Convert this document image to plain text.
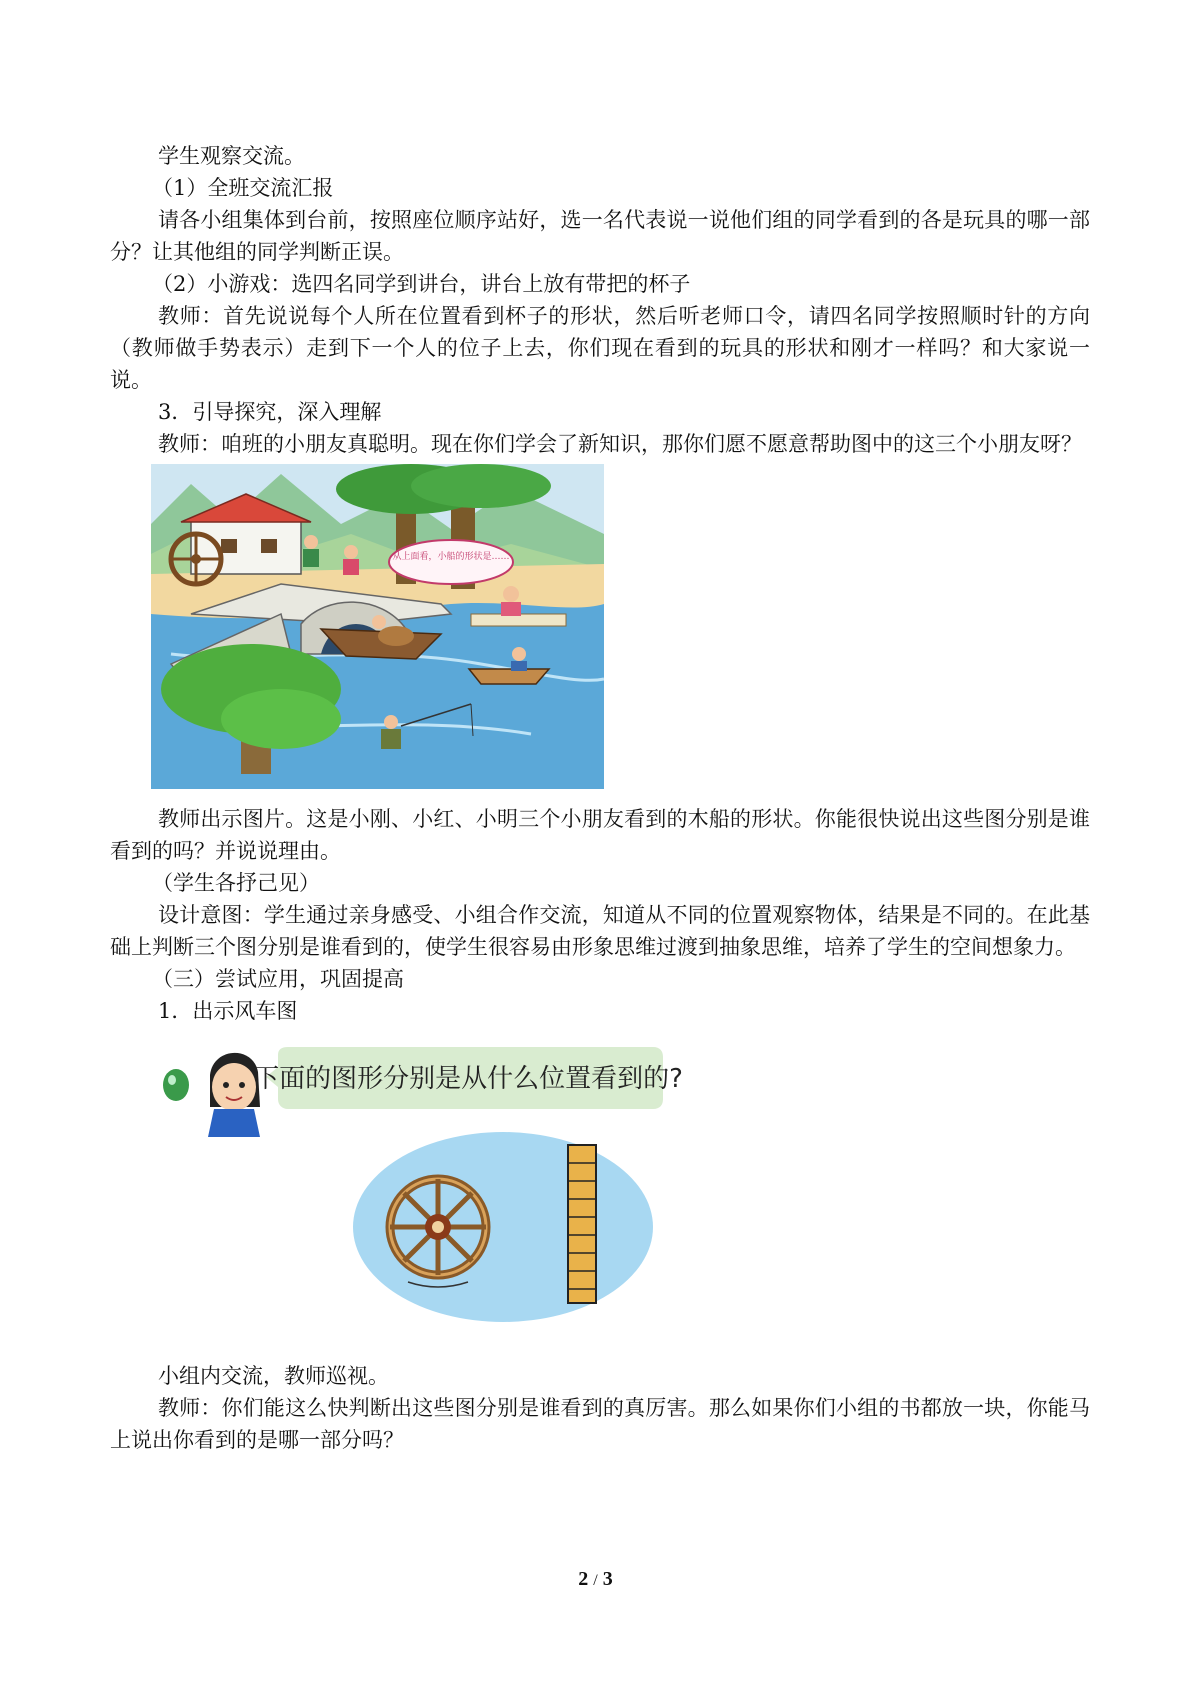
学生观察交流。

（1）全班交流汇报

请各小组集体到台前，按照座位顺序站好，选一名代表说一说他们组的同学看到的各是玩具的哪一部分？让其他组的同学判断正误。

（2）小游戏：选四名同学到讲台，讲台上放有带把的杯子

教师：首先说说每个人所在位置看到杯子的形状，然后听老师口令，请四名同学按照顺时针的方向（教师做手势表示）走到下一个人的位子上去，你们现在看到的玩具的形状和刚才一样吗？和大家说一说。

3．引导探究，深入理解

教师：咱班的小朋友真聪明。现在你们学会了新知识，那你们愿不愿意帮助图中的这三个小朋友呀？

从上面看，小船的形状是……

教师出示图片。这是小刚、小红、小明三个小朋友看到的木船的形状。你能很快说出这些图分别是谁看到的吗？并说说理由。

（学生各抒己见）

设计意图：学生通过亲身感受、小组合作交流，知道从不同的位置观察物体，结果是不同的。在此基础上判断三个图分别是谁看到的，使学生很容易由形象思维过渡到抽象思维，培养了学生的空间想象力。

（三）尝试应用，巩固提高

1．出示风车图

下面的图形分别是从什么位置看到的?

小组内交流，教师巡视。

教师：你们能这么快判断出这些图分别是谁看到的真厉害。那么如果你们小组的书都放一块，你能马上说出你看到的是哪一部分吗？

2 / 3
